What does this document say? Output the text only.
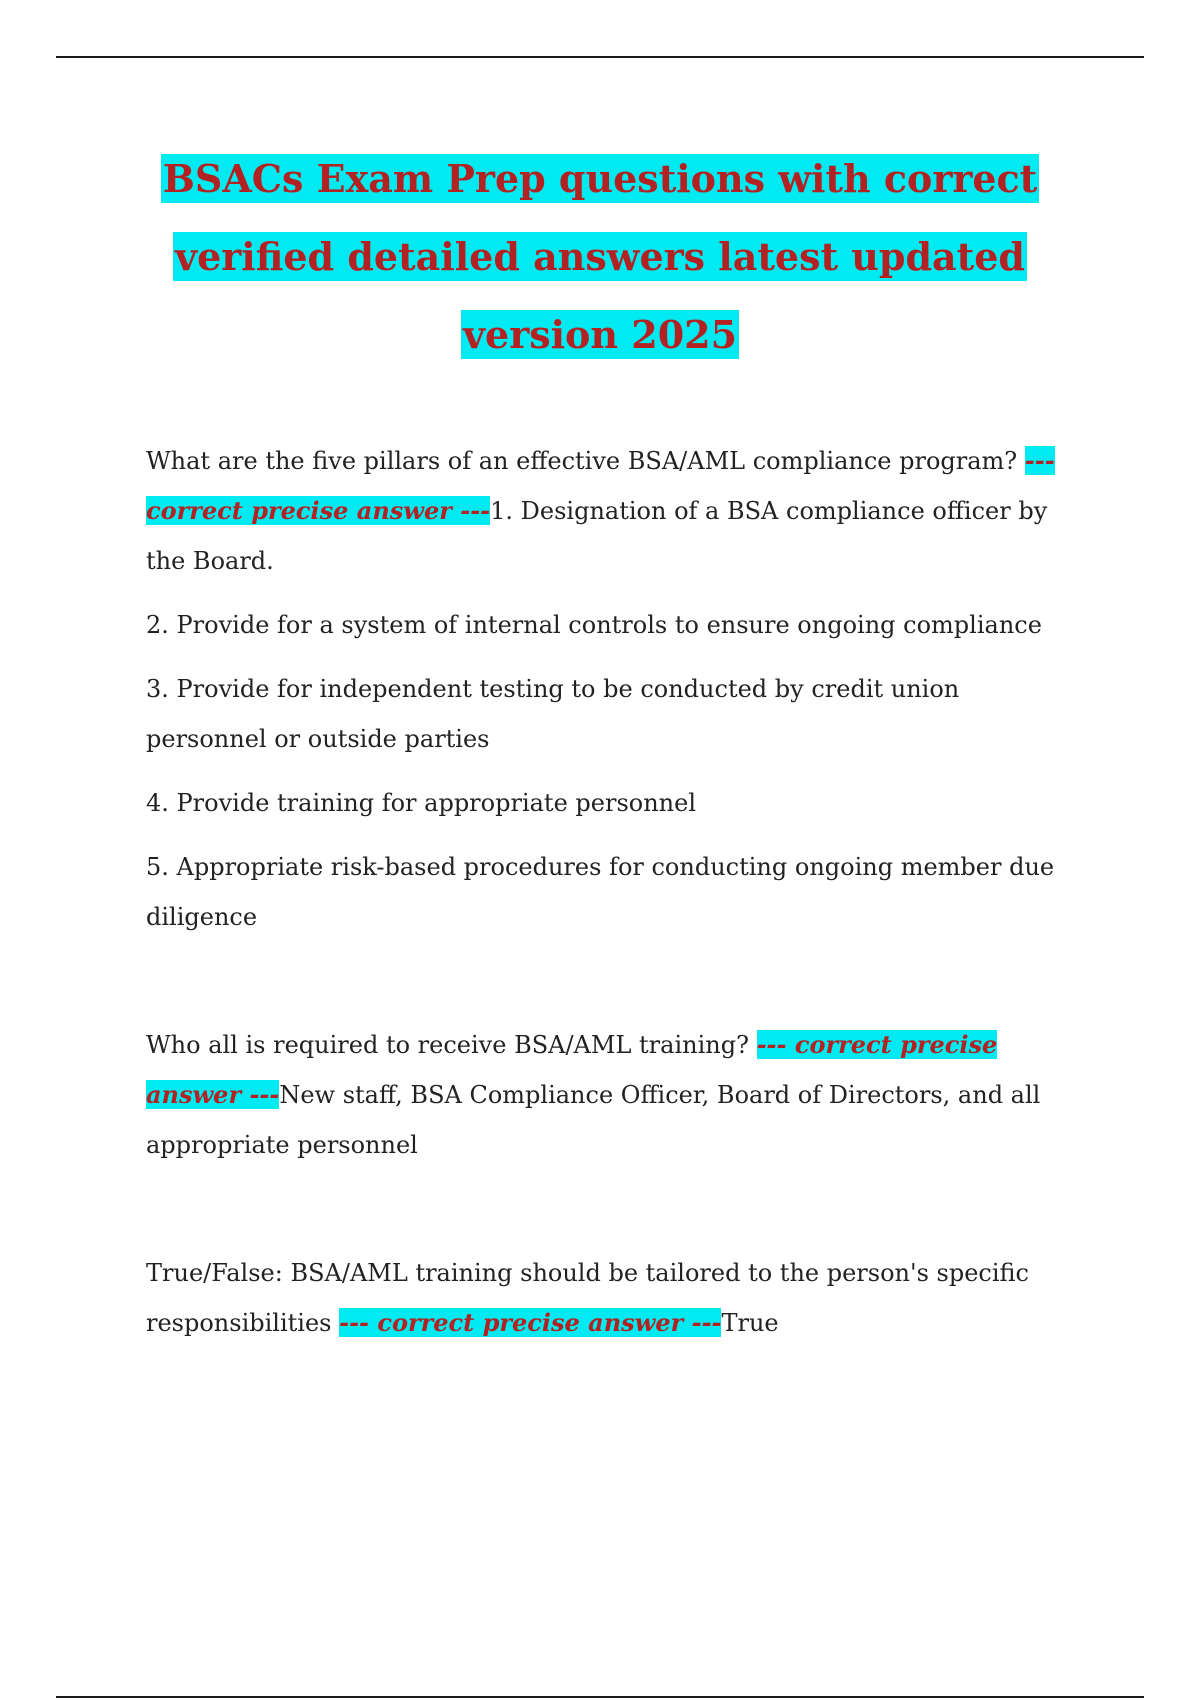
BSACs Exam Prep questions with correct
verified detailed answers latest updated
version 2025

What are the five pillars of an effective BSA/AML compliance program? --- correct precise answer ---1. Designation of a BSA compliance officer by the Board.

2. Provide for a system of internal controls to ensure ongoing compliance

3. Provide for independent testing to be conducted by credit union personnel or outside parties

4. Provide training for appropriate personnel

5. Appropriate risk-based procedures for conducting ongoing member due diligence

Who all is required to receive BSA/AML training? --- correct precise answer ---New staff, BSA Compliance Officer, Board of Directors, and all appropriate personnel

True/False: BSA/AML training should be tailored to the person's specific responsibilities --- correct precise answer ---True
